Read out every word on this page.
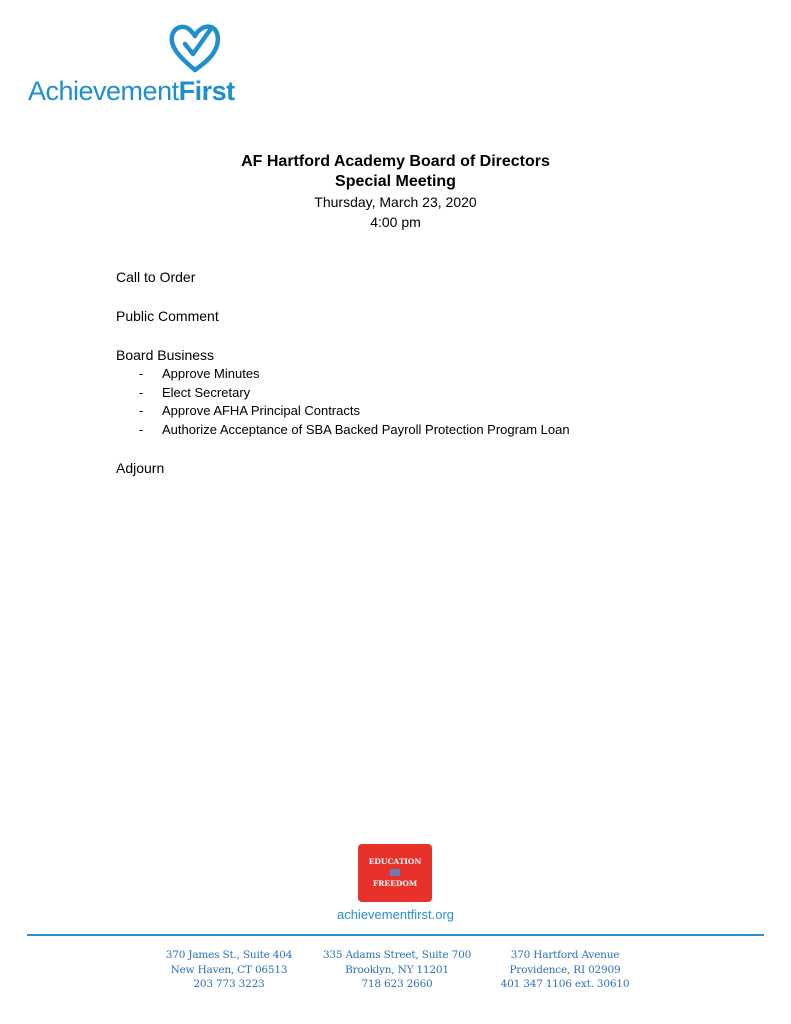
AchievementFirst
AF Hartford Academy Board of Directors
Special Meeting
Thursday, March 23, 2020
4:00 pm
Call to Order
Public Comment
Board Business
- Approve Minutes
- Elect Secretary
- Approve AFHA Principal Contracts
- Authorize Acceptance of SBA Backed Payroll Protection Program Loan
Adjourn
EDUCATION
FREEDOM
achievementfirst.org
370 James St., Suite 404
New Haven, CT 06513
203 773 3223
335 Adams Street, Suite 700
Brooklyn, NY 11201
718 623 2660
370 Hartford Avenue
Providence, RI 02909
401 347 1106 ext. 30610
